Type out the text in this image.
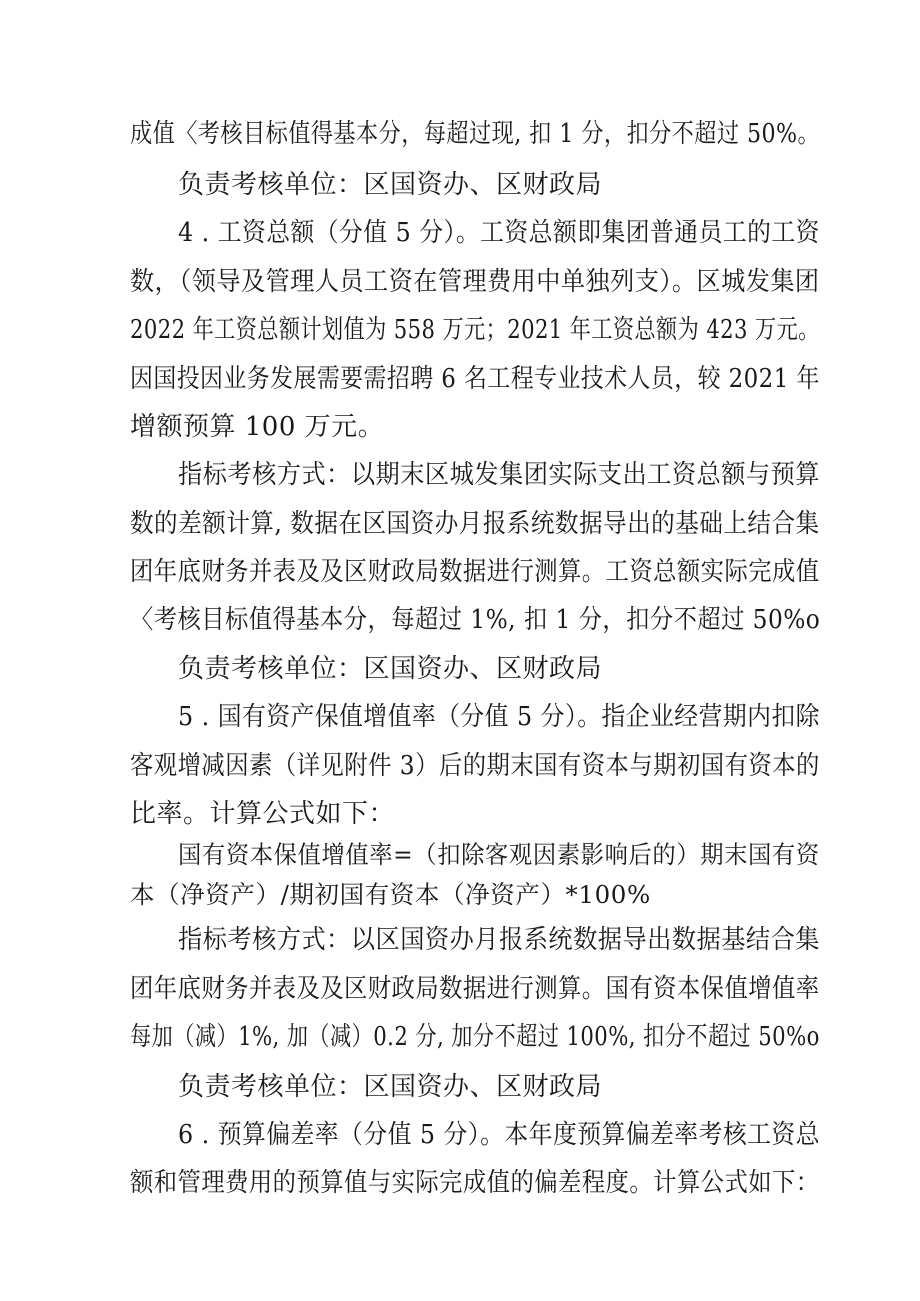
成值〈考核目标值得基本分，每超过现, 扣 1 分，扣分不超过 50%。
负责考核单位：区国资办、区财政局
4 . 工资总额（分值 5 分）。工资总额即集团普通员工的工资
数，（领导及管理人员工资在管理费用中单独列支）。区城发集团
2022 年工资总额计划值为 558 万元；2021 年工资总额为 423 万元。
因国投因业务发展需要需招聘 6 名工程专业技术人员，较 2021 年
增额预算 100 万元。
指标考核方式：以期末区城发集团实际支出工资总额与预算
数的差额计算, 数据在区国资办月报系统数据导出的基础上结合集
团年底财务并表及及区财政局数据进行测算。工资总额实际完成值
〈考核目标值得基本分，每超过 1%, 扣 1 分，扣分不超过 50%o
负责考核单位：区国资办、区财政局
5 . 国有资产保值增值率（分值 5 分）。指企业经营期内扣除
客观增减因素（详见附件 3）后的期末国有资本与期初国有资本的
比率。计算公式如下：
国有资本保值增值率=（扣除客观因素影响后的）期末国有资
本（净资产）/期初国有资本（净资产）*100%
指标考核方式：以区国资办月报系统数据导出数据基结合集
团年底财务并表及及区财政局数据进行测算。国有资本保值增值率
每加（减）1%, 加（减）0.2 分, 加分不超过 100%, 扣分不超过 50%o
负责考核单位：区国资办、区财政局
6 . 预算偏差率（分值 5 分）。本年度预算偏差率考核工资总
额和管理费用的预算值与实际完成值的偏差程度。计算公式如下：
